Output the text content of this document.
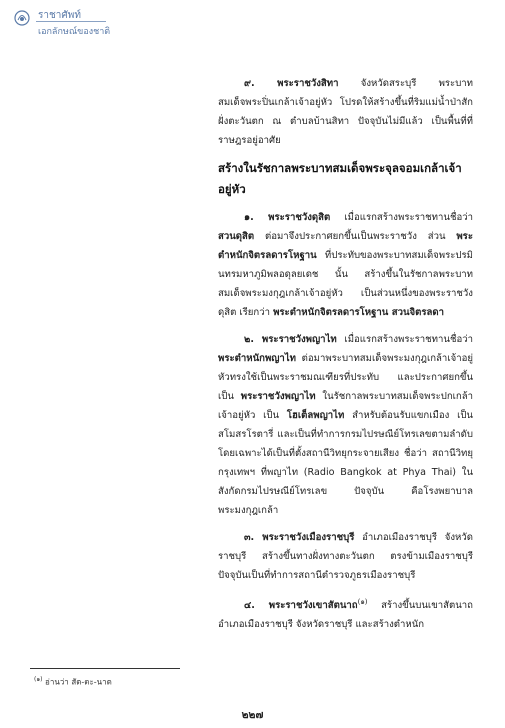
ราชาศัพท์
เอกลักษณ์ของชาติ

๙. พระราชวังสิทา จังหวัดสระบุรี พระบาทสมเด็จพระปิ่นเกล้าเจ้าอยู่หัว โปรดให้สร้างขึ้นที่ริมแม่น้ำป่าสักฝั่งตะวันตก ณ ตำบลบ้านสิทา ปัจจุบันไม่มีแล้ว เป็นพื้นที่ที่ราษฎรอยู่อาศัย

สร้างในรัชกาลพระบาทสมเด็จพระจุลจอมเกล้าเจ้าอยู่หัว

๑. พระราชวังดุสิต เมื่อแรกสร้างพระราชทานชื่อว่า สวนดุสิต ต่อมาจึงประกาศยกขึ้นเป็นพระราชวัง ส่วน พระตำหนักจิตรลดารโหฐาน ที่ประทับของพระบาทสมเด็จพระปรมินทรมหาภูมิพลอดุลยเดช นั้น สร้างขึ้นในรัชกาลพระบาทสมเด็จพระมงกุฎเกล้าเจ้าอยู่หัว เป็นส่วนหนึ่งของพระราชวังดุสิต เรียกว่า พระตำหนักจิตรลดารโหฐาน สวนจิตรลดา

๒. พระราชวังพญาไท เมื่อแรกสร้างพระราชทานชื่อว่า พระตำหนักพญาไท ต่อมาพระบาทสมเด็จพระมงกุฎเกล้าเจ้าอยู่หัวทรงใช้เป็นพระราชมณเฑียรที่ประทับ และประกาศยกขึ้นเป็น พระราชวังพญาไท ในรัชกาลพระบาทสมเด็จพระปกเกล้าเจ้าอยู่หัว เป็น โฮเต็ลพญาไท สำหรับต้อนรับแขกเมือง เป็นสโมสรโรตารี่ และเป็นที่ทำการกรมไปรษณีย์โทรเลขตามลำดับ โดยเฉพาะได้เป็นที่ตั้งสถานีวิทยุกระจายเสียง ชื่อว่า สถานีวิทยุกรุงเทพฯ ที่พญาไท (Radio Bangkok at Phya Thai) ในสังกัดกรมไปรษณีย์โทรเลข ปัจจุบัน คือโรงพยาบาลพระมงกุฎเกล้า

๓. พระราชวังเมืองราชบุรี อำเภอเมืองราชบุรี จังหวัดราชบุรี สร้างขึ้นทางฝั่งทางตะวันตก ตรงข้ามเมืองราชบุรี ปัจจุบันเป็นที่ทำการสถานีตำรวจภูธรเมืองราชบุรี

๔. พระราชวังเขาสัตนาถ$^{(๑)}$ สร้างขึ้นบนเขาสัตนาถ อำเภอเมืองราชบุรี จังหวัดราชบุรี และสร้างตำหนัก

$^{(๑)}$ อ่านว่า สัด-ตะ-นาด
๒๒๗
